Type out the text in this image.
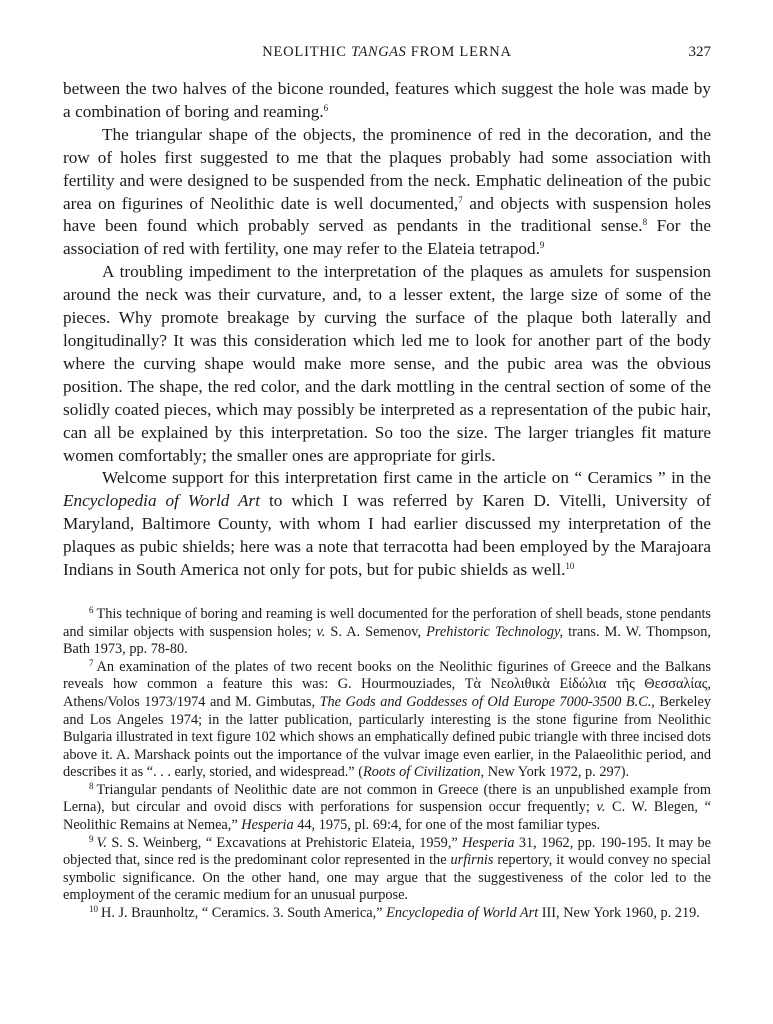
NEOLITHIC TANGAS FROM LERNA	327

between the two halves of the bicone rounded, features which suggest the hole was made by a combination of boring and reaming.$^6$

The triangular shape of the objects, the prominence of red in the decoration, and the row of holes first suggested to me that the plaques probably had some association with fertility and were designed to be suspended from the neck. Emphatic delineation of the pubic area on figurines of Neolithic date is well documented,$^7$ and objects with suspension holes have been found which probably served as pendants in the traditional sense.$^8$ For the association of red with fertility, one may refer to the Elateia tetrapod.$^9$

A troubling impediment to the interpretation of the plaques as amulets for suspension around the neck was their curvature, and, to a lesser extent, the large size of some of the pieces. Why promote breakage by curving the surface of the plaque both laterally and longitudinally? It was this consideration which led me to look for another part of the body where the curving shape would make more sense, and the pubic area was the obvious position. The shape, the red color, and the dark mottling in the central section of some of the solidly coated pieces, which may possibly be interpreted as a representation of the pubic hair, can all be explained by this interpretation. So too the size. The larger triangles fit mature women comfortably; the smaller ones are appropriate for girls.

Welcome support for this interpretation first came in the article on “ Ceramics ” in the Encyclopedia of World Art to which I was referred by Karen D. Vitelli, University of Maryland, Baltimore County, with whom I had earlier discussed my interpretation of the plaques as pubic shields; here was a note that terracotta had been employed by the Marajoara Indians in South America not only for pots, but for pubic shields as well.$^{10}$

$^6$ This technique of boring and reaming is well documented for the perforation of shell beads, stone pendants and similar objects with suspension holes; v. S. A. Semenov, Prehistoric Technology, trans. M. W. Thompson, Bath 1973, pp. 78-80.

$^7$ An examination of the plates of two recent books on the Neolithic figurines of Greece and the Balkans reveals how common a feature this was: G. Hourmouziades, Τὰ Νεολιθικὰ Εἰδώλια τῆς Θεσσαλίας, Athens/Volos 1973/1974 and M. Gimbutas, The Gods and Goddesses of Old Europe 7000-3500 B.C., Berkeley and Los Angeles 1974; in the latter publication, particularly interesting is the stone figurine from Neolithic Bulgaria illustrated in text figure 102 which shows an emphatically defined pubic triangle with three incised dots above it. A. Marshack points out the importance of the vulvar image even earlier, in the Palaeolithic period, and describes it as “. . . early, storied, and widespread.” (Roots of Civilization, New York 1972, p. 297).

$^8$ Triangular pendants of Neolithic date are not common in Greece (there is an unpublished example from Lerna), but circular and ovoid discs with perforations for suspension occur frequently; v. C. W. Blegen, “ Neolithic Remains at Nemea,” Hesperia 44, 1975, pl. 69:4, for one of the most familiar types.

$^9$ V. S. S. Weinberg, “ Excavations at Prehistoric Elateia, 1959,” Hesperia 31, 1962, pp. 190-195. It may be objected that, since red is the predominant color represented in the urfirnis repertory, it would convey no special symbolic significance. On the other hand, one may argue that the suggestiveness of the color led to the employment of the ceramic medium for an unusual purpose.

$^{10}$ H. J. Braunholtz, “ Ceramics. 3. South America,” Encyclopedia of World Art III, New York 1960, p. 219.
